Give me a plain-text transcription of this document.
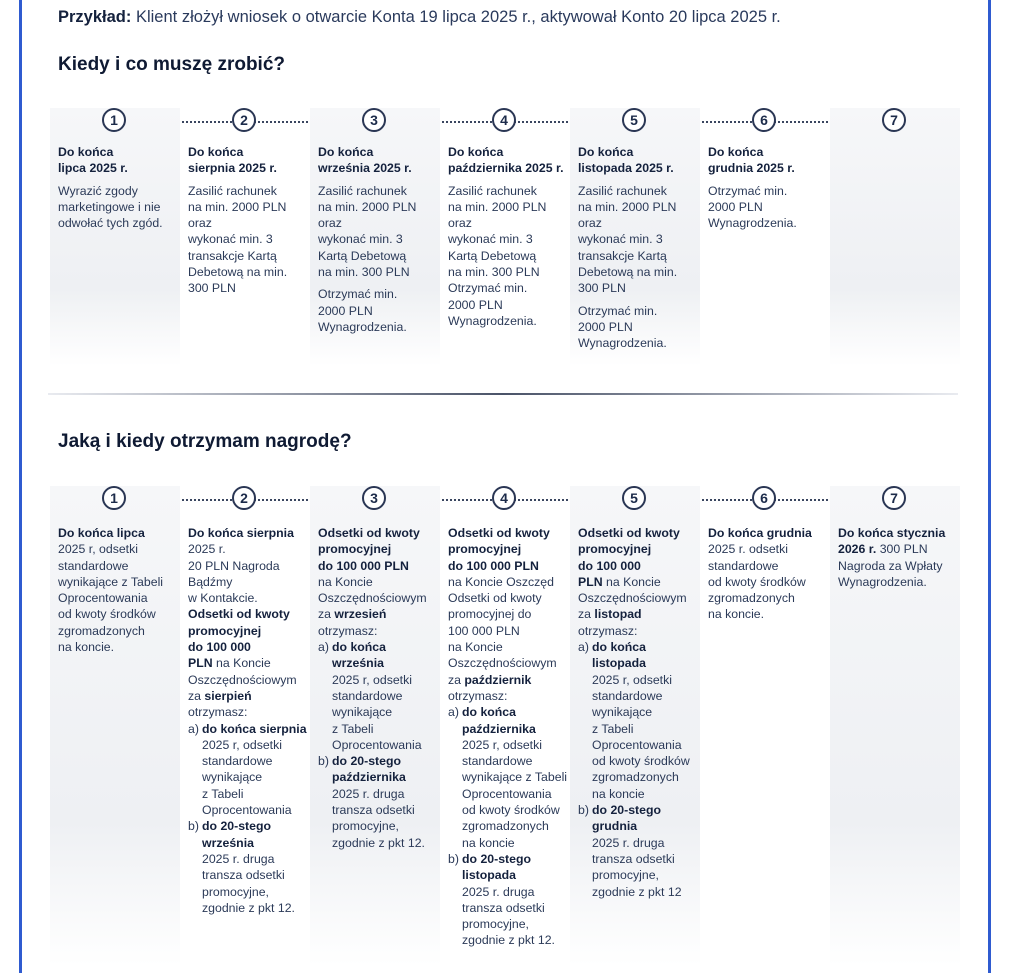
Przykład: Klient złożył wniosek o otwarcie Konta 19 lipca 2025 r., aktywował Konto 20 lipca 2025 r.
Kiedy i co muszę zrobić?
1

Do końca

lipca 2025 r.

Wyrazić zgody

marketingowe i nie

odwołać tych zgód.

2

Do końca

sierpnia 2025 r.

Zasilić rachunek

na min. 2000 PLN

oraz

wykonać min. 3

transakcje Kartą

Debetową na min.

300 PLN

3

Do końca

września 2025 r.

Zasilić rachunek

na min. 2000 PLN

oraz

wykonać min. 3

Kartą Debetową

na min. 300 PLN

Otrzymać min.

2000 PLN

Wynagrodzenia.

4

Do końca

października 2025 r.

Zasilić rachunek

na min. 2000 PLN

oraz

wykonać min. 3

Kartą Debetową

na min. 300 PLN

Otrzymać min.

2000 PLN

Wynagrodzenia.

5

Do końca

listopada 2025 r.

Zasilić rachunek

na min. 2000 PLN

oraz

wykonać min. 3

transakcje Kartą

Debetową na min.

300 PLN

Otrzymać min.

2000 PLN

Wynagrodzenia.

6

Do końca

grudnia 2025 r.

Otrzymać min.

2000 PLN

Wynagrodzenia.

7
Jaką i kiedy otrzymam nagrodę?
1

Do końca lipca

2025 r, odsetki

standardowe

wynikające z Tabeli

Oprocentowania

od kwoty środków

zgromadzonych

na koncie.

2

Do końca sierpnia

2025 r.

20 PLN Nagroda

Bądźmy

w Kontakcie.

Odsetki od kwoty

promocyjnej

do 100 000

PLN na Koncie

Oszczędnościowym

za sierpień

otrzymasz:

a) do końca sierpnia

2025 r, odsetki

standardowe

wynikające

z Tabeli

Oprocentowania

b) do 20-stego

września

2025 r. druga

transza odsetki

promocyjne,

zgodnie z pkt 12.

3

Odsetki od kwoty

promocyjnej

do 100 000 PLN

na Koncie

Oszczędnościowym

za wrzesień

otrzymasz:

a) do końca

września

2025 r, odsetki

standardowe

wynikające

z Tabeli

Oprocentowania

b) do 20-stego

października

2025 r. druga

transza odsetki

promocyjne,

zgodnie z pkt 12.

4

Odsetki od kwoty

promocyjnej

do 100 000 PLN

na Koncie Oszczęd

Odsetki od kwoty

promocyjnej do

100 000 PLN

na Koncie

Oszczędnościowym

za październik

otrzymasz:

a) do końca

października

2025 r, odsetki

standardowe

wynikające z Tabeli

Oprocentowania

od kwoty środków

zgromadzonych

na koncie

b) do 20-stego

listopada

2025 r. druga

transza odsetki

promocyjne,

zgodnie z pkt 12.

5

Odsetki od kwoty

promocyjnej

do 100 000

PLN na Koncie

Oszczędnościowym

za listopad

otrzymasz:

a) do końca

listopada

2025 r, odsetki

standardowe

wynikające

z Tabeli

Oprocentowania

od kwoty środków

zgromadzonych

na koncie

b) do 20-stego

grudnia

2025 r. druga

transza odsetki

promocyjne,

zgodnie z pkt 12

6

Do końca grudnia

2025 r. odsetki

standardowe

od kwoty środków

zgromadzonych

na koncie.

7

Do końca stycznia

2026 r. 300 PLN

Nagroda za Wpłaty

Wynagrodzenia.
